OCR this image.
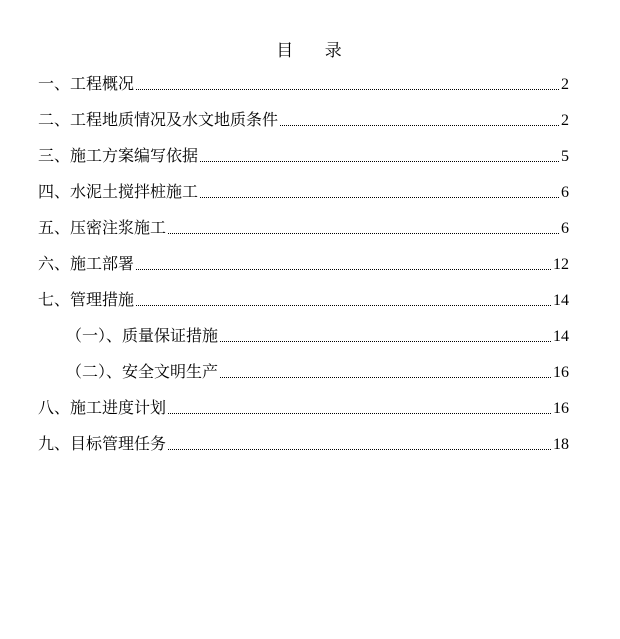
目    录
一、工程概况	2
二、工程地质情况及水文地质条件	2
三、施工方案编写依据	5
四、水泥土搅拌桩施工	6
五、压密注浆施工	6
六、施工部署	12
七、管理措施	14
（一）、质量保证措施	14
（二）、安全文明生产	16
八、施工进度计划	16
九、目标管理任务	18
